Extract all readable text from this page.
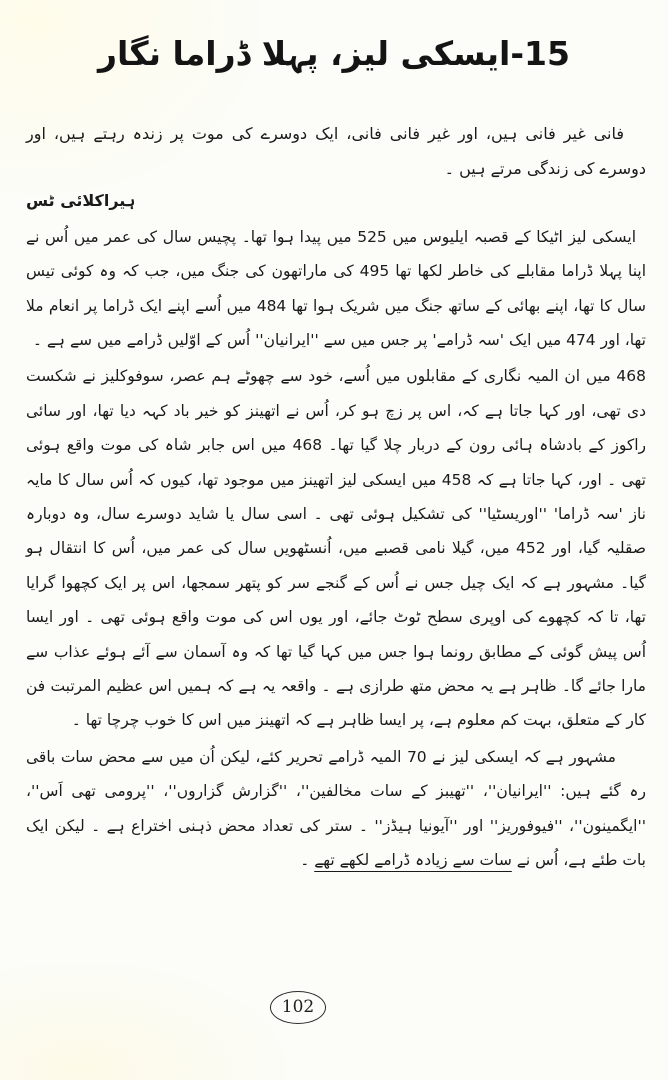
15-ایسکی لیز، پہلا ڈراما نگار

فانی غیر فانی ہیں، اور غیر فانی فانی، ایک دوسرے کی موت پر زندہ رہتے ہیں، اور دوسرے کی زندگی مرتے ہیں ۔

ہیراکلائی ٹس

ایسکی لیز اٹیکا کے قصبہ ایلیوس میں 525 میں پیدا ہوا تھا۔ پچیس سال کی عمر میں اُس نے اپنا پہلا ڈراما مقابلے کی خاطر لکھا تھا 495 کی ماراتھون کی جنگ میں، جب کہ وہ کوئی تیس سال کا تھا، اپنے بھائی کے ساتھ جنگ میں شریک ہوا تھا 484 میں اُسے اپنے ایک ڈراما پر انعام ملا تھا، اور 474 میں ایک 'سہ ڈرامے' پر جس میں سے ''ایرانیان'' اُس کے اوّلیں ڈرامے میں سے ہے ۔

468 میں ان المیہ نگاری کے مقابلوں میں اُسے، خود سے چھوٹے ہم عصر، سوفوکلیز نے شکست دی تھی، اور کہا جاتا ہے کہ، اس پر زچ ہو کر، اُس نے اتھینز کو خیر باد کہہ دیا تھا، اور سائی راکوز کے بادشاہ ہائی رون کے دربار چلا گیا تھا۔ 468 میں اس جابر شاہ کی موت واقع ہوئی تھی ۔ اور، کہا جاتا ہے کہ 458 میں ایسکی لیز اتھینز میں موجود تھا، کیوں کہ اُس سال کا مایہ ناز 'سہ ڈراما' ''اوریسٹیا'' کی تشکیل ہوئی تھی ۔ اسی سال یا شاید دوسرے سال، وہ دوبارہ صقلیہ گیا، اور 452 میں، گیلا نامی قصبے میں، اُنسٹھویں سال کی عمر میں، اُس کا انتقال ہو گیا۔ مشہور ہے کہ ایک چیل جس نے اُس کے گنجے سر کو پتھر سمجھا، اس پر ایک کچھوا گرایا تھا، تا کہ کچھوے کی اوپری سطح ٹوٹ جائے، اور یوں اس کی موت واقع ہوئی تھی ۔ اور ایسا اُس پیش گوئی کے مطابق رونما ہوا جس میں کہا گیا تھا کہ وہ آسمان سے آئے ہوئے عذاب سے مارا جائے گا۔ ظاہر ہے یہ محض متھ طرازی ہے ۔ واقعہ یہ ہے کہ ہمیں اس عظیم المرتبت فن کار کے متعلق، بہت کم معلوم ہے، پر ایسا ظاہر ہے کہ اتھینز میں اس کا خوب چرچا تھا ۔

مشہور ہے کہ ایسکی لیز نے 70 المیہ ڈرامے تحریر کئے، لیکن اُن میں سے محض سات باقی رہ گئے ہیں: ''ایرانیان''، ''تھیبز کے سات مخالفین''، ''گزارش گزاروں''، ''پرومی تھی اَس''، ''ایگمینون''، ''فیوفوریز'' اور ''آیونیا ہیڈز'' ۔ ستر کی تعداد محض ذہنی اختراع ہے ۔ لیکن ایک بات طئے ہے، اُس نے سات سے زیادہ ڈرامے لکھے تھے ۔

102
